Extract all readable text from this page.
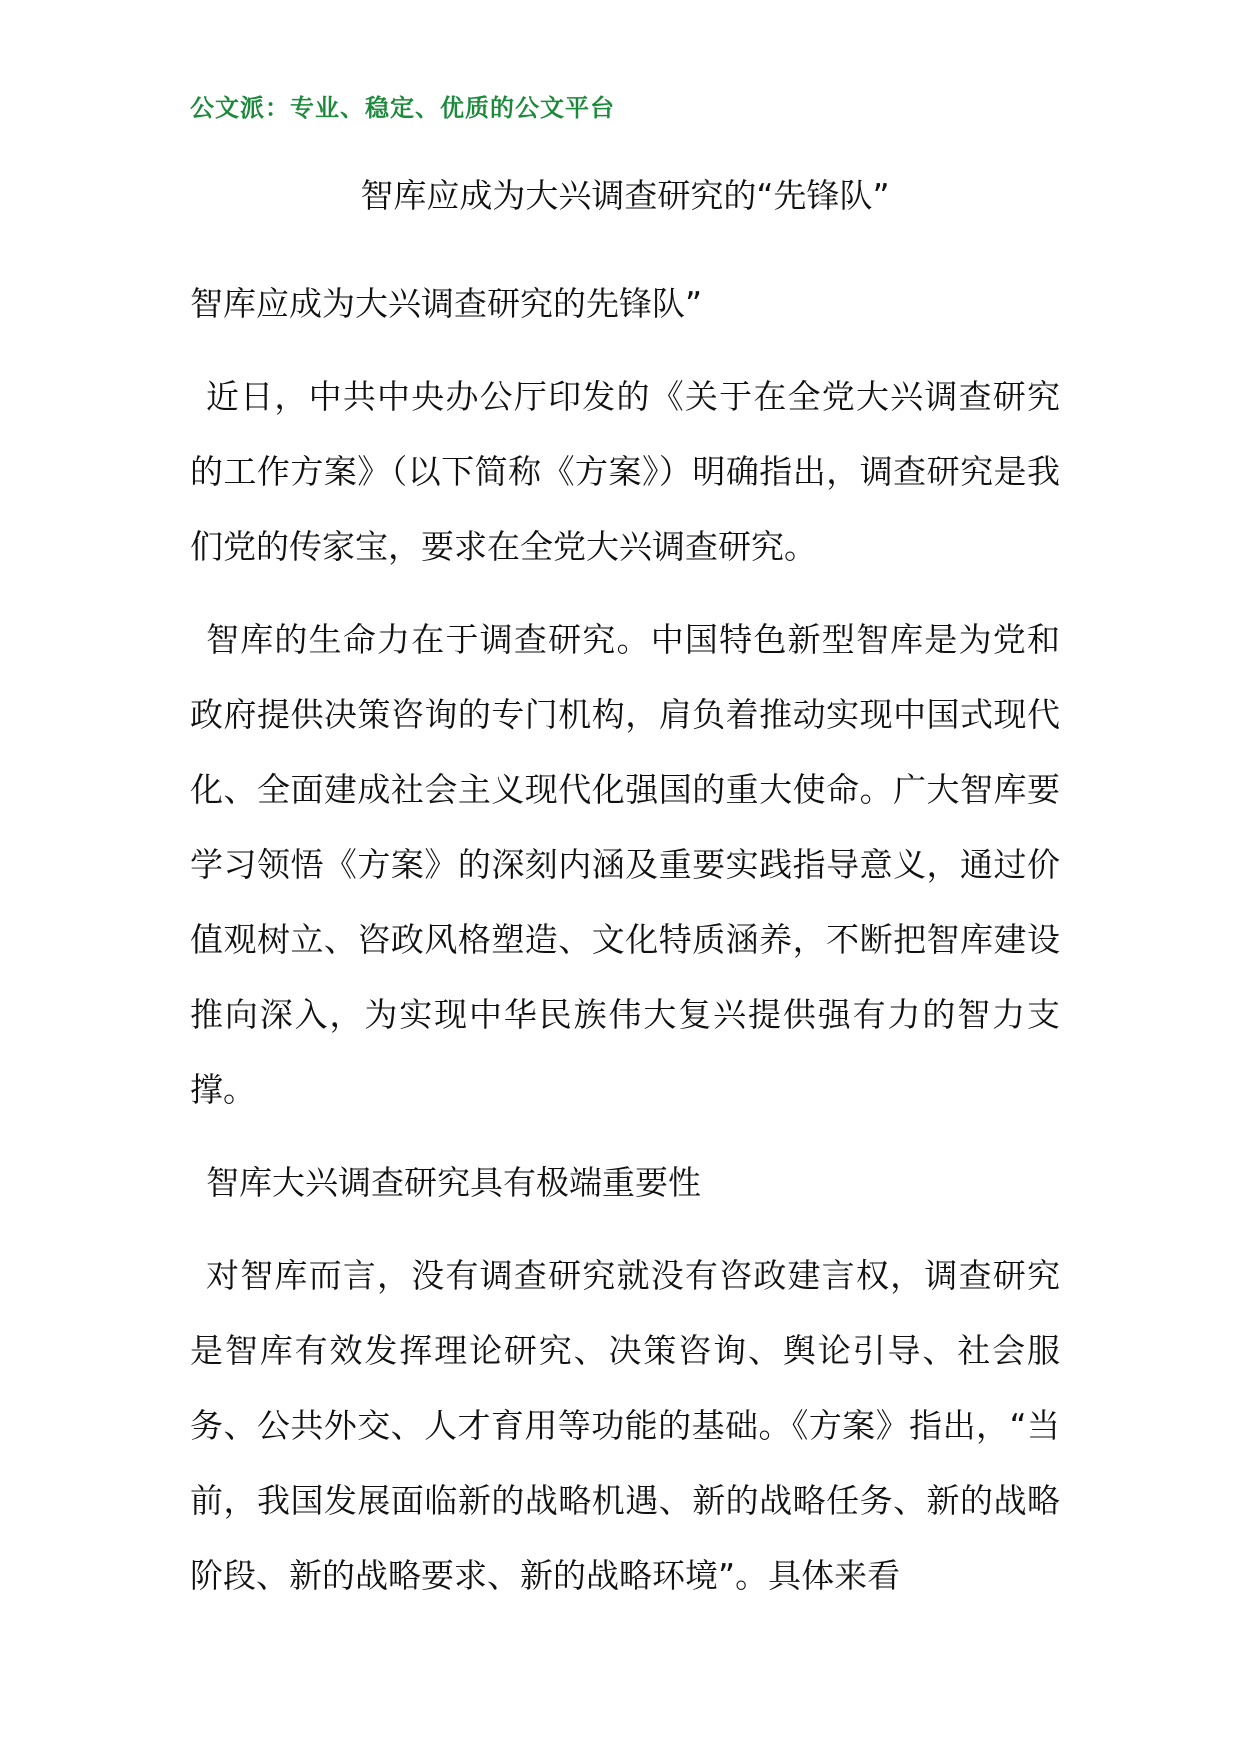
公文派：专业、稳定、优质的公文平台
智库应成为大兴调查研究的“先锋队”

智库应成为大兴调查研究的先锋队”

近日，中共中央办公厅印发的《关于在全党大兴调查研究的工作方案》（以下简称《方案》）明确指出，调查研究是我们党的传家宝，要求在全党大兴调查研究。

智库的生命力在于调查研究。中国特色新型智库是为党和政府提供决策咨询的专门机构，肩负着推动实现中国式现代化、全面建成社会主义现代化强国的重大使命。广大智库要学习领悟《方案》的深刻内涵及重要实践指导意义，通过价值观树立、咨政风格塑造、文化特质涵养，不断把智库建设推向深入，为实现中华民族伟大复兴提供强有力的智力支撑。

智库大兴调查研究具有极端重要性

对智库而言，没有调查研究就没有咨政建言权，调查研究是智库有效发挥理论研究、决策咨询、舆论引导、社会服务、公共外交、人才育用等功能的基础。《方案》指出，“当前，我国发展面临新的战略机遇、新的战略任务、新的战略阶段、新的战略要求、新的战略环境”。具体来看
